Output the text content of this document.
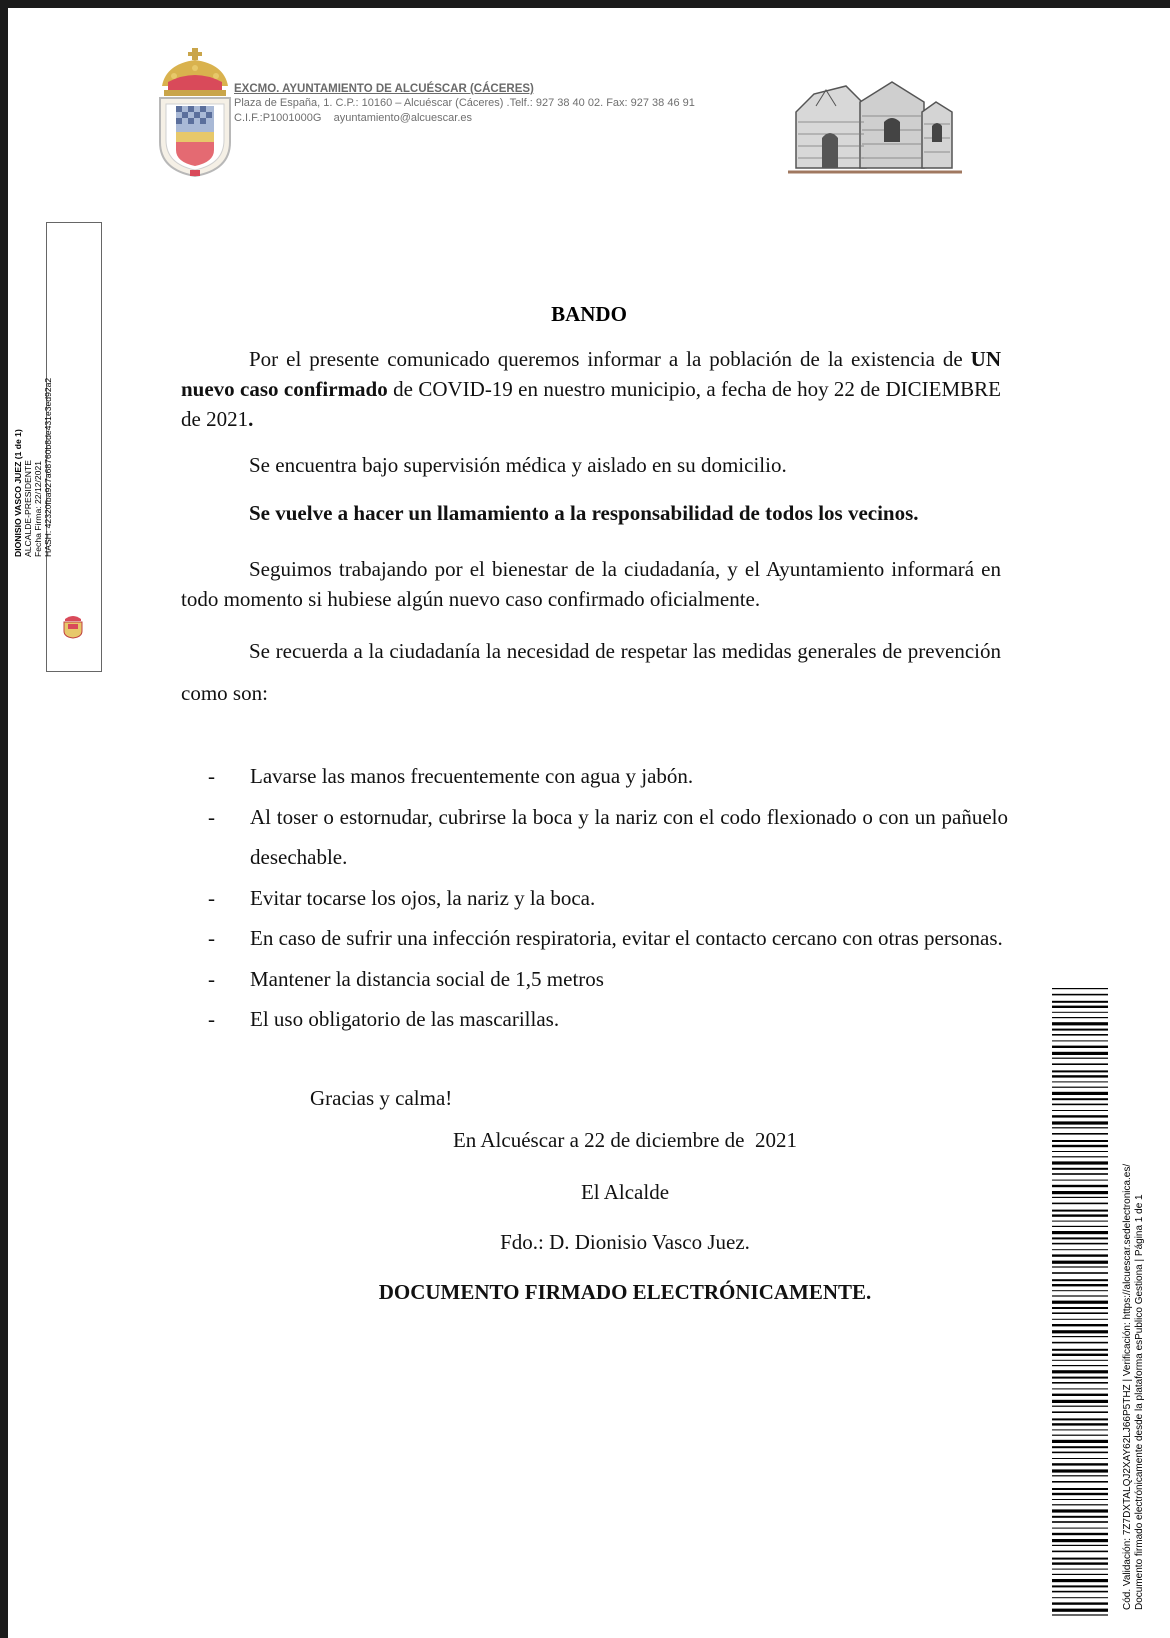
EXCMO. AYUNTAMIENTO DE ALCUÉSCAR (CÁCERES)
Plaza de España, 1. C.P.: 10160 – Alcuéscar (Cáceres) .Telf.: 927 38 40 02. Fax: 927 38 46 91
C.I.F.:P1001000G    ayuntamiento@alcuescar.es
DIONISIO VASCO JUEZ (1 de 1) ALCALDE-PRESIDENTE Fecha Firma: 22/12/2021 HASH: 42320fba927a68760b8de431e3ed92a2
BANDO
Por el presente comunicado queremos informar a la población de la existencia de UN nuevo caso confirmado de COVID-19 en nuestro municipio, a fecha de hoy 22 de DICIEMBRE de 2021.
Se encuentra bajo supervisión médica y aislado en su domicilio.
Se vuelve a hacer un llamamiento a la responsabilidad de todos los vecinos.
Seguimos trabajando por el bienestar de la ciudadanía, y el Ayuntamiento informará en todo momento si hubiese algún nuevo caso confirmado oficialmente.
Se recuerda a la ciudadanía la necesidad de respetar las medidas generales de prevención como son:
- Lavarse las manos frecuentemente con agua y jabón.
- Al toser o estornudar, cubrirse la boca y la nariz con el codo flexionado o con un pañuelo desechable.
- Evitar tocarse los ojos, la nariz y la boca.
- En caso de sufrir una infección respiratoria, evitar el contacto cercano con otras personas.
- Mantener la distancia social de 1,5 metros
- El uso obligatorio de las mascarillas.
Gracias y calma!
En Alcuéscar a 22 de diciembre de  2021
El Alcalde
Fdo.: D. Dionisio Vasco Juez.
DOCUMENTO FIRMADO ELECTRÓNICAMENTE.	Cód. Validación: 7Z7DXTALQJ2XAY62LJ66P5THZ | Verificación: https://alcuescar.sedelectronica.es/ Documento firmado electrónicamente desde la plataforma esPublico Gestiona | Página 1 de 1
